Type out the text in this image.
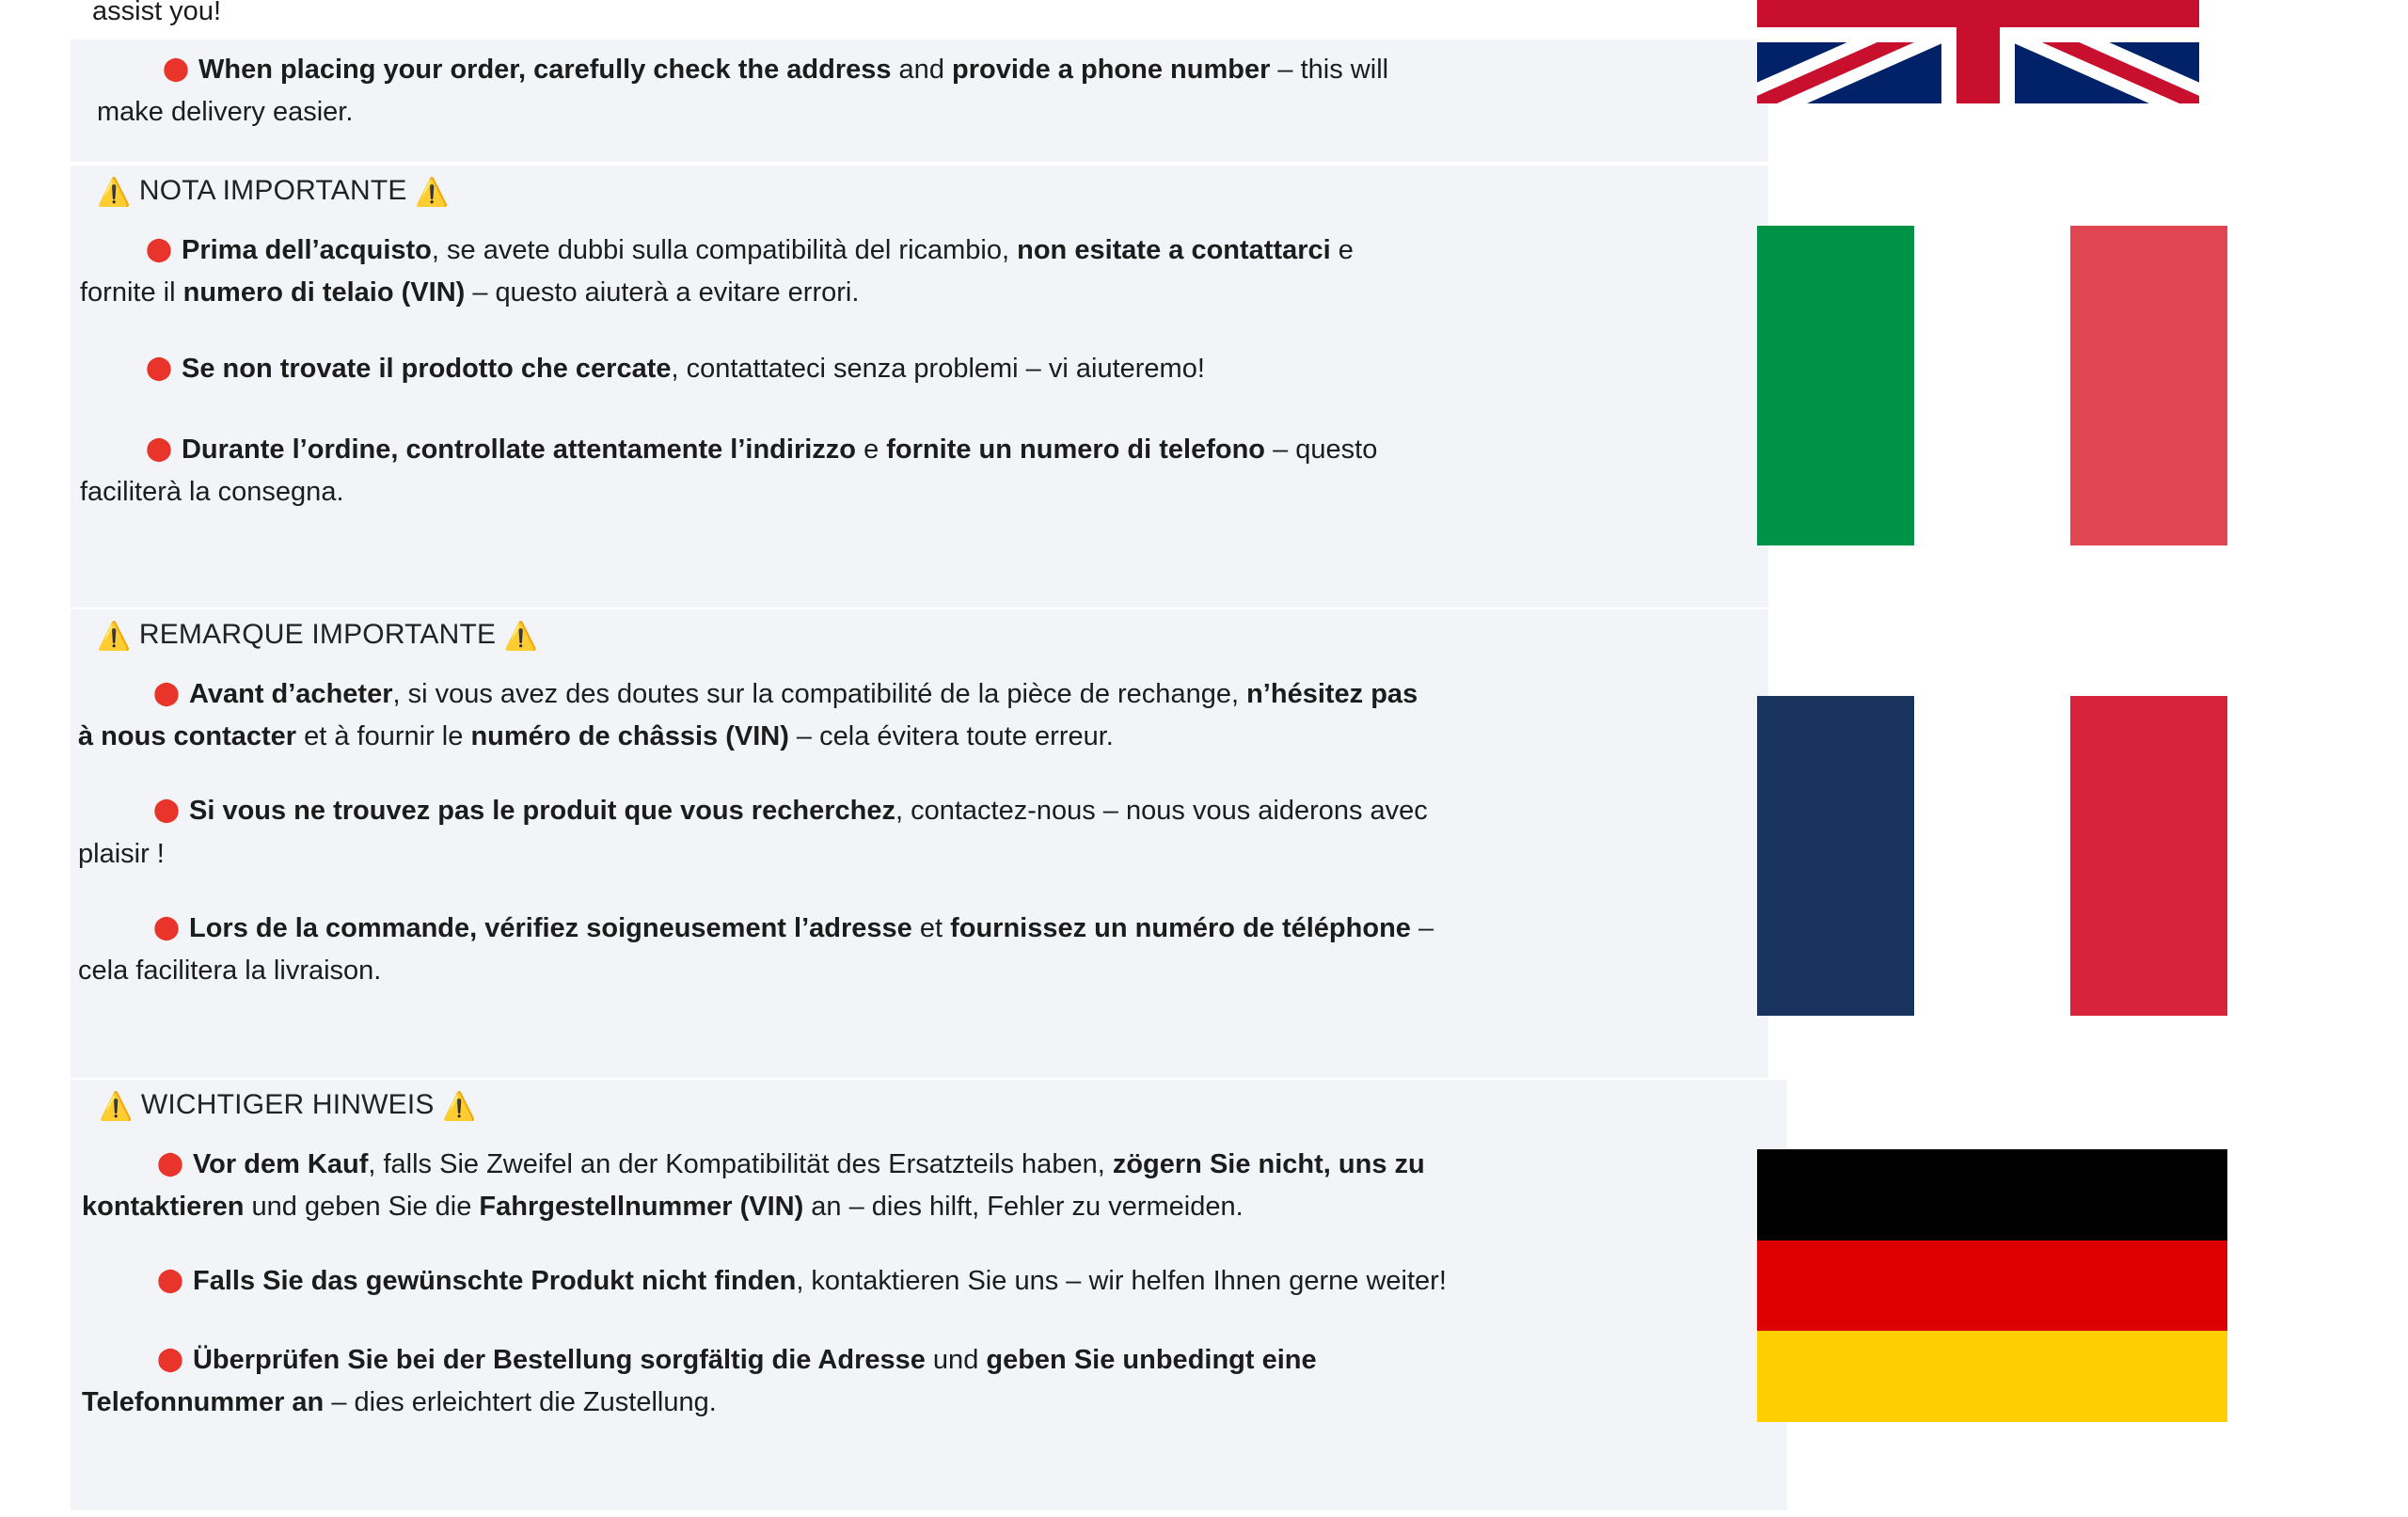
assist you!

⬤ When placing your order, carefully check the address and provide a phone number – this will

make delivery easier.

⚠️ NOTA IMPORTANTE ⚠️

⬤ Prima dell’acquisto, se avete dubbi sulla compatibilità del ricambio, non esitate a contattarci e

fornite il numero di telaio (VIN) – questo aiuterà a evitare errori.

⬤ Se non trovate il prodotto che cercate, contattateci senza problemi – vi aiuteremo!

⬤ Durante l’ordine, controllate attentamente l’indirizzo e fornite un numero di telefono – questo

faciliterà la consegna.

⚠️ REMARQUE IMPORTANTE ⚠️

⬤ Avant d’acheter, si vous avez des doutes sur la compatibilité de la pièce de rechange, n’hésitez pas

à nous contacter et à fournir le numéro de châssis (VIN) – cela évitera toute erreur.

⬤ Si vous ne trouvez pas le produit que vous recherchez, contactez-nous – nous vous aiderons avec

plaisir !

⬤ Lors de la commande, vérifiez soigneusement l’adresse et fournissez un numéro de téléphone –

cela facilitera la livraison.

⚠️ WICHTIGER HINWEIS ⚠️

⬤ Vor dem Kauf, falls Sie Zweifel an der Kompatibilität des Ersatzteils haben, zögern Sie nicht, uns zu

kontaktieren und geben Sie die Fahrgestellnummer (VIN) an – dies hilft, Fehler zu vermeiden.

⬤ Falls Sie das gewünschte Produkt nicht finden, kontaktieren Sie uns – wir helfen Ihnen gerne weiter!

⬤ Überprüfen Sie bei der Bestellung sorgfältig die Adresse und geben Sie unbedingt eine

Telefonnummer an – dies erleichtert die Zustellung.
